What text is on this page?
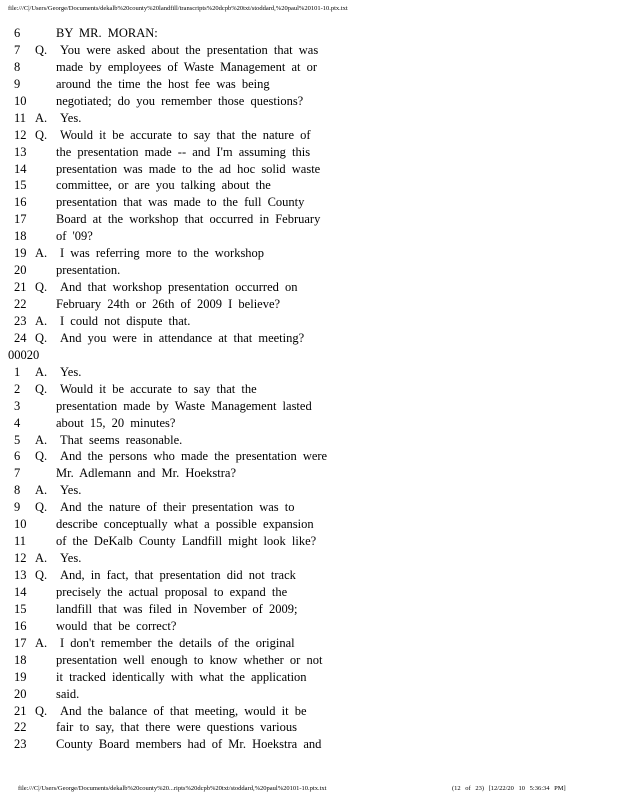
file:///C|/Users/George/Documents/dekalb%20county%20landfill/transcripts%20dcpb%20txt/stoddard,%20paul%20101-10.ptx.txt
6	BY MR. MORAN:
7	Q. You were asked about the presentation that was
8	made by employees of Waste Management at or
9	around the time the host fee was being
10	negotiated; do you remember those questions?
11 A. Yes.
12 Q. Would it be accurate to say that the nature of
13	the presentation made -- and I'm assuming this
14	presentation was made to the ad hoc solid waste
15	committee, or are you talking about the
16	presentation that was made to the full County
17	Board at the workshop that occurred in February
18	of '09?
19 A. I was referring more to the workshop
20	presentation.
21 Q. And that workshop presentation occurred on
22	February 24th or 26th of 2009 I believe?
23 A. I could not dispute that.
24 Q. And you were in attendance at that meeting?
00020
1	A. Yes.
2	Q. Would it be accurate to say that the
3	presentation made by Waste Management lasted
4	about 15, 20 minutes?
5	A. That seems reasonable.
6	Q. And the persons who made the presentation were
7	Mr. Adlemann and Mr. Hoekstra?
8	A. Yes.
9	Q. And the nature of their presentation was to
10	describe conceptually what a possible expansion
11	of the DeKalb County Landfill might look like?
12 A. Yes.
13 Q. And, in fact, that presentation did not track
14	precisely the actual proposal to expand the
15	landfill that was filed in November of 2009;
16	would that be correct?
17 A. I don't remember the details of the original
18	presentation well enough to know whether or not
19	it tracked identically with what the application
20	said.
21 Q. And the balance of that meeting, would it be
22	fair to say, that there were questions various
23	County Board members had of Mr. Hoekstra and
file:///C|/Users/George/Documents/dekalb%20county%20...ripts%20dcpb%20txt/stoddard,%20paul%20101-10.ptx.txt	(12 of 23) [12/22/20 10 5:36:34 PM]
